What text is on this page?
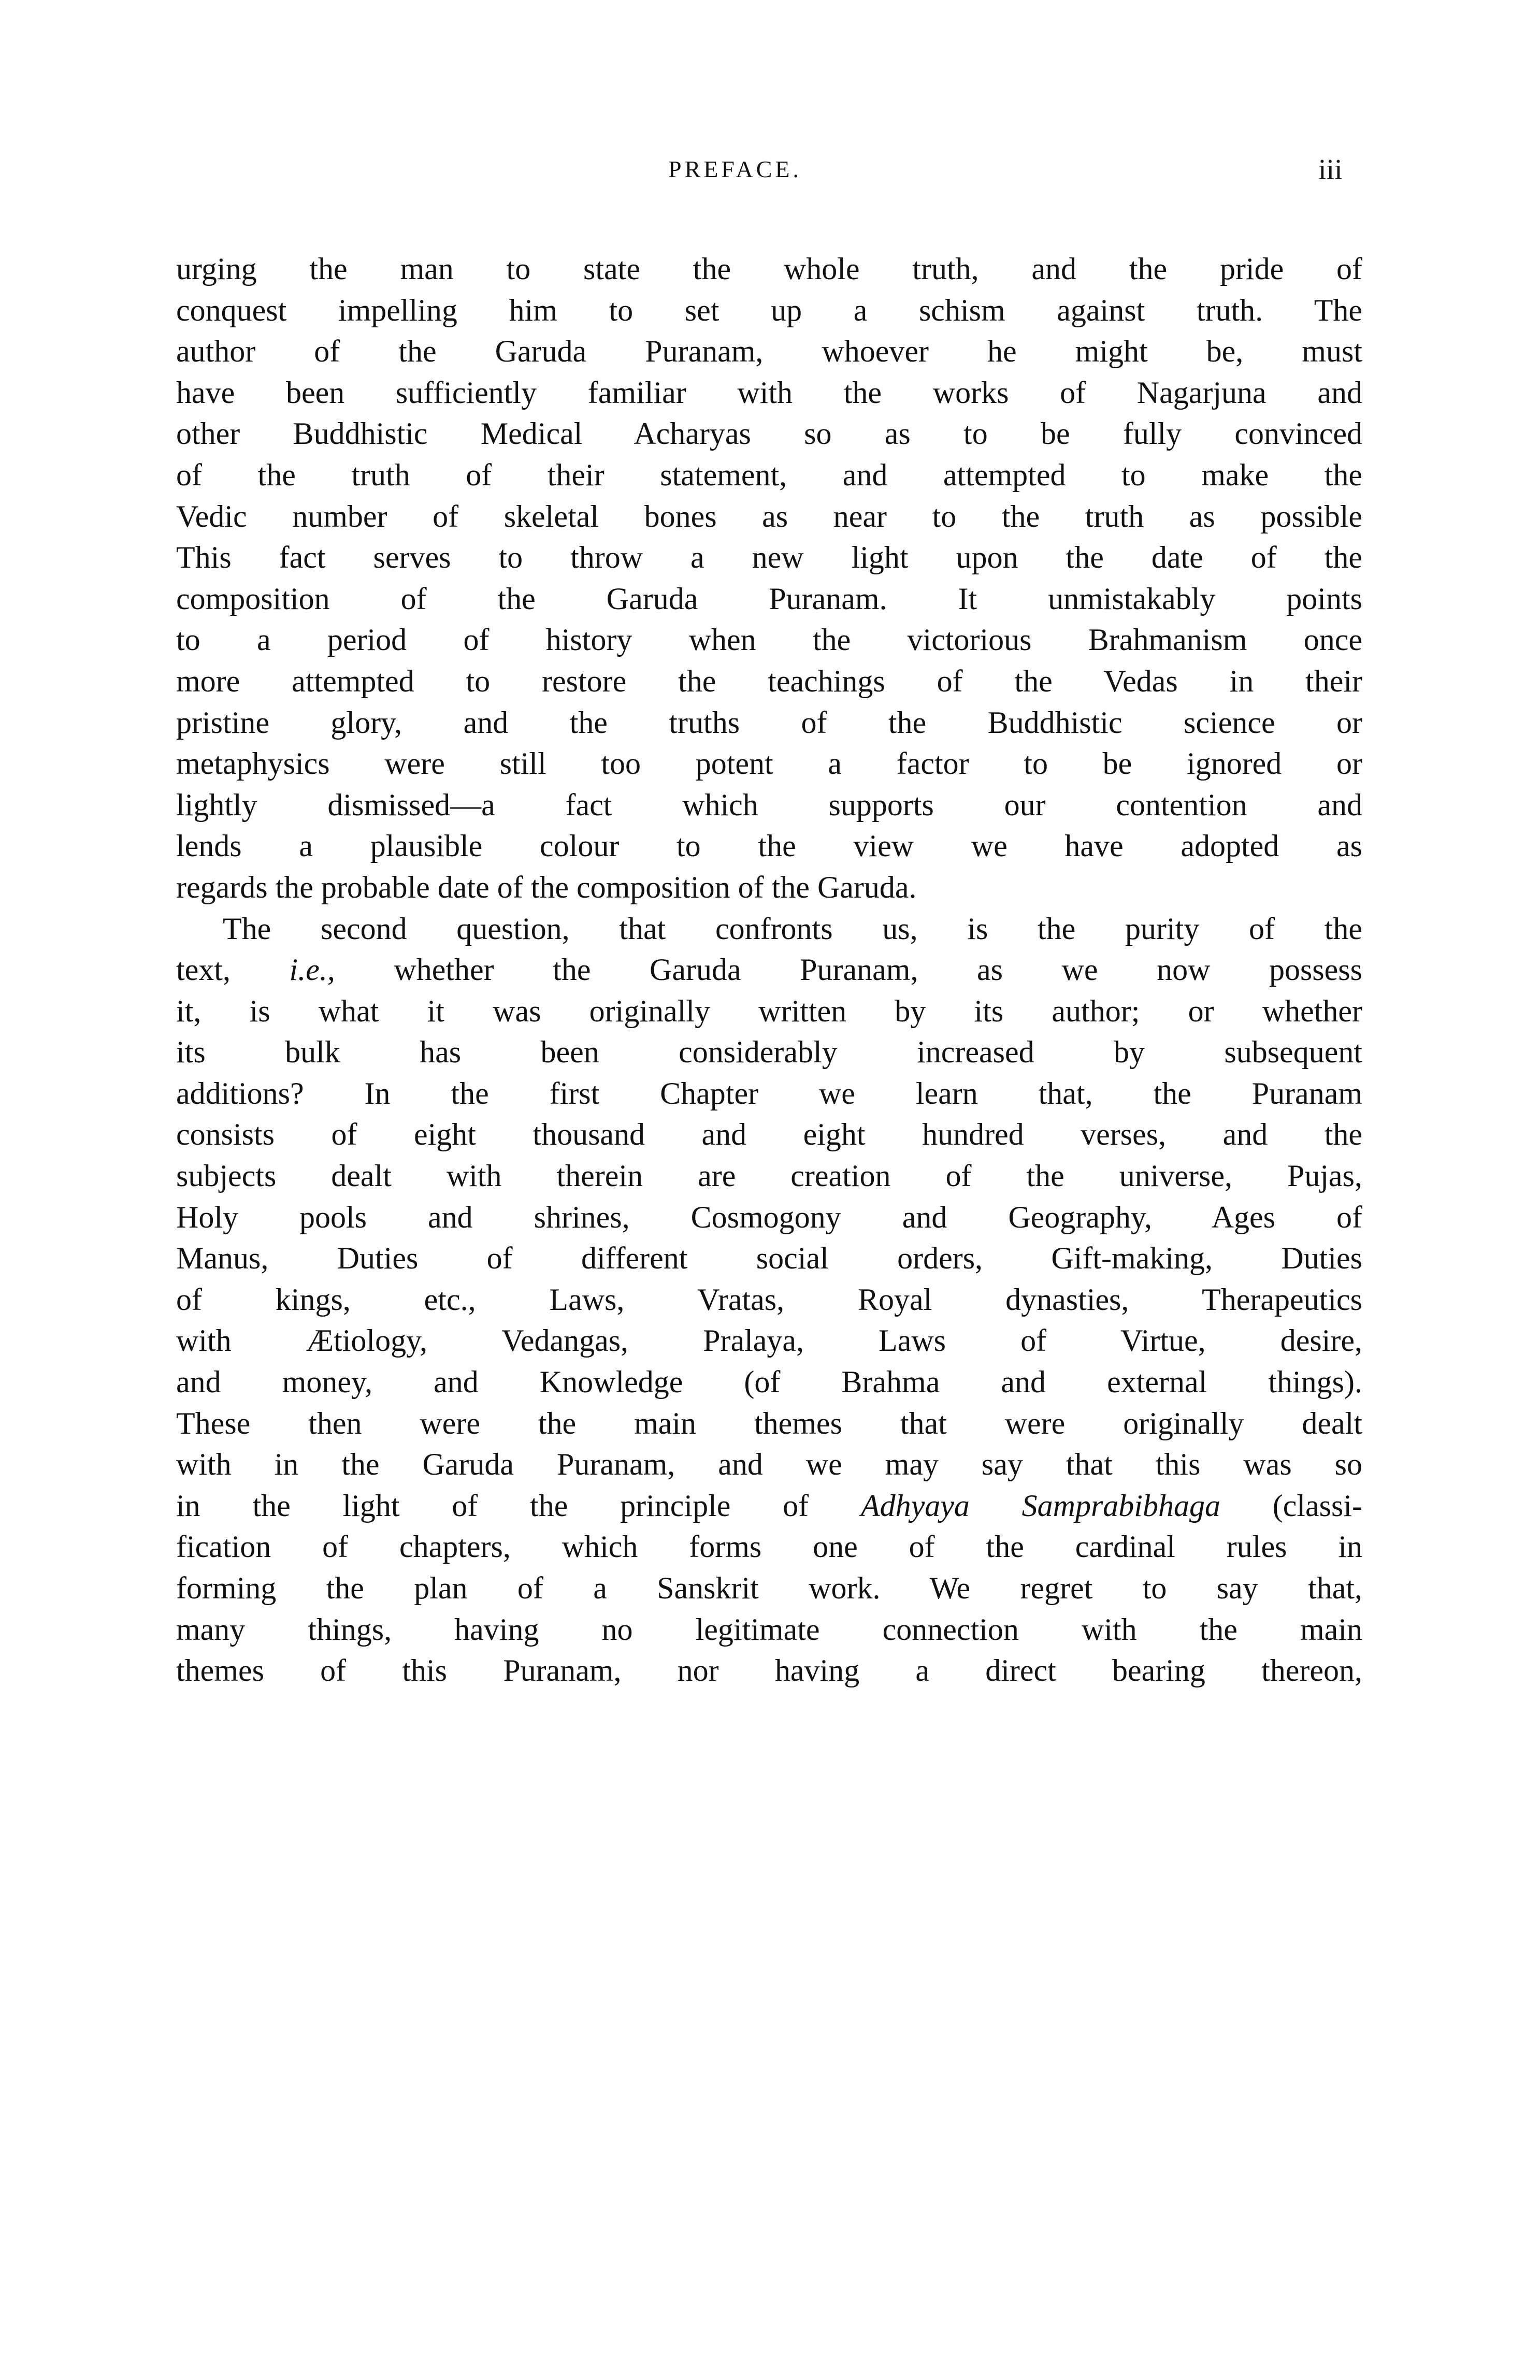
PREFACE.	iii
urging the man to state the whole truth, and the pride of
conquest impelling him to set up a schism against truth. The
author of the Garuda Puranam, whoever he might be, must
have been sufficiently familiar with the works of Nagarjuna and
other Buddhistic Medical Acharyas so as to be fully convinced
of the truth of their statement, and attempted to make the
Vedic number of skeletal bones as near to the truth as possible
This fact serves to throw a new light upon the date of the
composition of the Garuda Puranam. It unmistakably points
to a period of history when the victorious Brahmanism once
more attempted to restore the teachings of the Vedas in their
pristine glory, and the truths of the Buddhistic science or
metaphysics were still too potent a factor to be ignored or
lightly dismissed—a fact which supports our contention and
lends a plausible colour to the view we have adopted as
regards the probable date of the composition of the Garuda.
The second question, that confronts us, is the purity of the
text, i.e., whether the Garuda Puranam, as we now possess
it, is what it was originally written by its author; or whether
its bulk has been considerably increased by subsequent
additions? In the first Chapter we learn that, the Puranam
consists of eight thousand and eight hundred verses, and the
subjects dealt with therein are creation of the universe, Pujas,
Holy pools and shrines, Cosmogony and Geography, Ages of
Manus, Duties of different social orders, Gift-making, Duties
of kings, etc., Laws, Vratas, Royal dynasties, Therapeutics
with Ætiology, Vedangas, Pralaya, Laws of Virtue, desire,
and money, and Knowledge (of Brahma and external things).
These then were the main themes that were originally dealt
with in the Garuda Puranam, and we may say that this was so
in the light of the principle of Adhyaya Samprabibhaga (classi-
fication of chapters, which forms one of the cardinal rules in
forming the plan of a Sanskrit work. We regret to say that,
many things, having no legitimate connection with the main
themes of this Puranam, nor having a direct bearing thereon,
